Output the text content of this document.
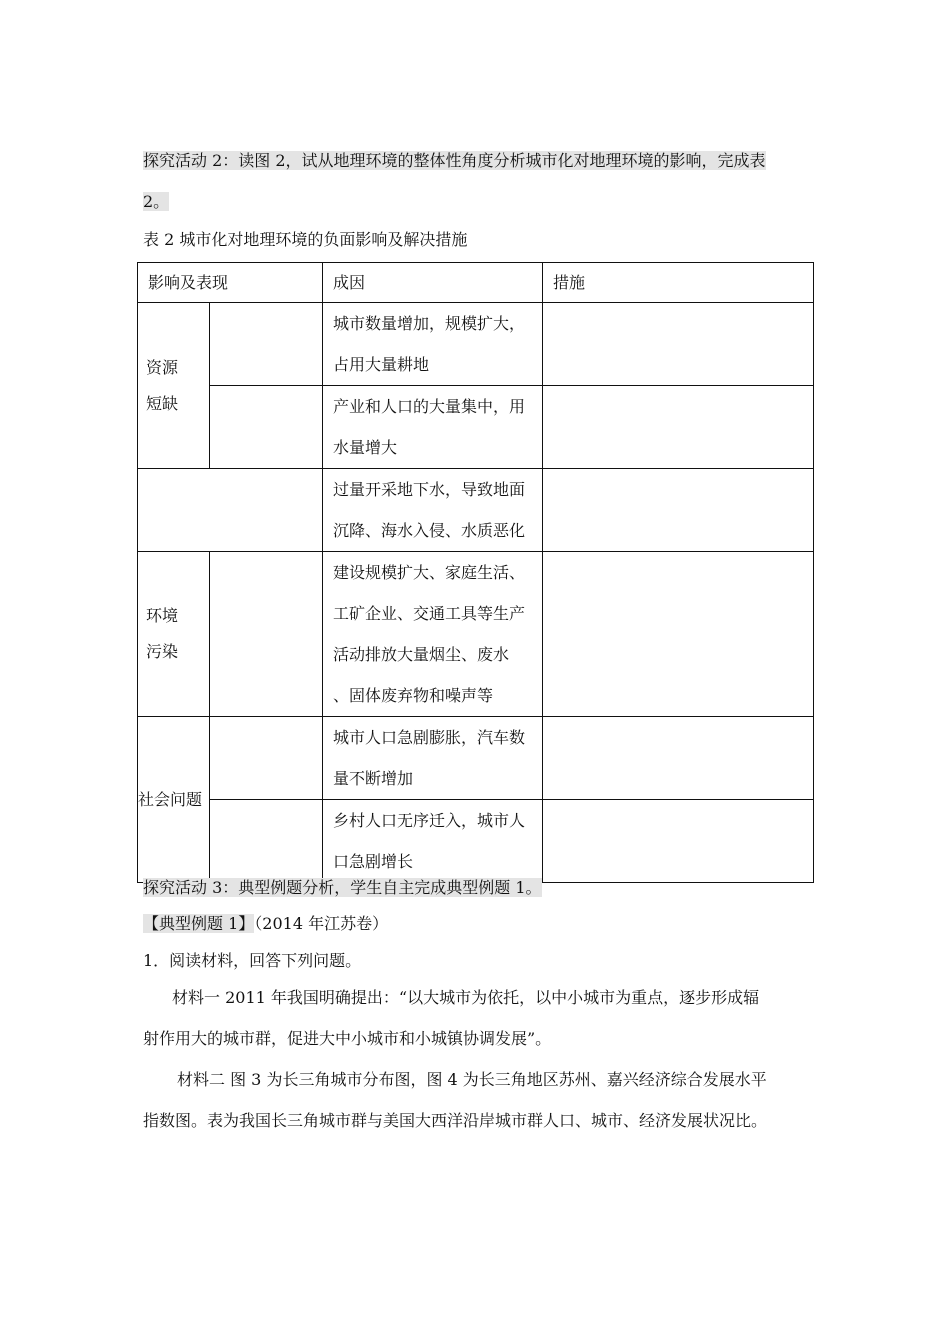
探究活动 2：读图 2，试从地理环境的整体性角度分析城市化对地理环境的影响，完成表
2。
表 2 城市化对地理环境的负面影响及解决措施
影响及表现		成因	措施

资源
短缺		城市数量增加，规模扩大，
占用大量耕地	

		产业和人口的大量集中，用
水量增大	

		过量开采地下水，导致地面
沉降、海水入侵、水质恶化	

环境
污染		建设规模扩大、家庭生活、
工矿企业、交通工具等生产
活动排放大量烟尘、废水
、固体废弃物和噪声等	

社会问题		城市人口急剧膨胀，汽车数
量不断增加	

		乡村人口无序迁入，城市人
口急剧增长	

探究活动 3：典型例题分析，学生自主完成典型例题 1。
【典型例题 1】（2014 年江苏卷）
1．阅读材料，回答下列问题。
材料一 2011 年我国明确提出：“以大城市为依托，以中小城市为重点，逐步形成辐
射作用大的城市群，促进大中小城市和小城镇协调发展”。
材料二 图 3 为长三角城市分布图，图 4 为长三角地区苏州、嘉兴经济综合发展水平
指数图。表为我国长三角城市群与美国大西洋沿岸城市群人口、城市、经济发展状况比。
